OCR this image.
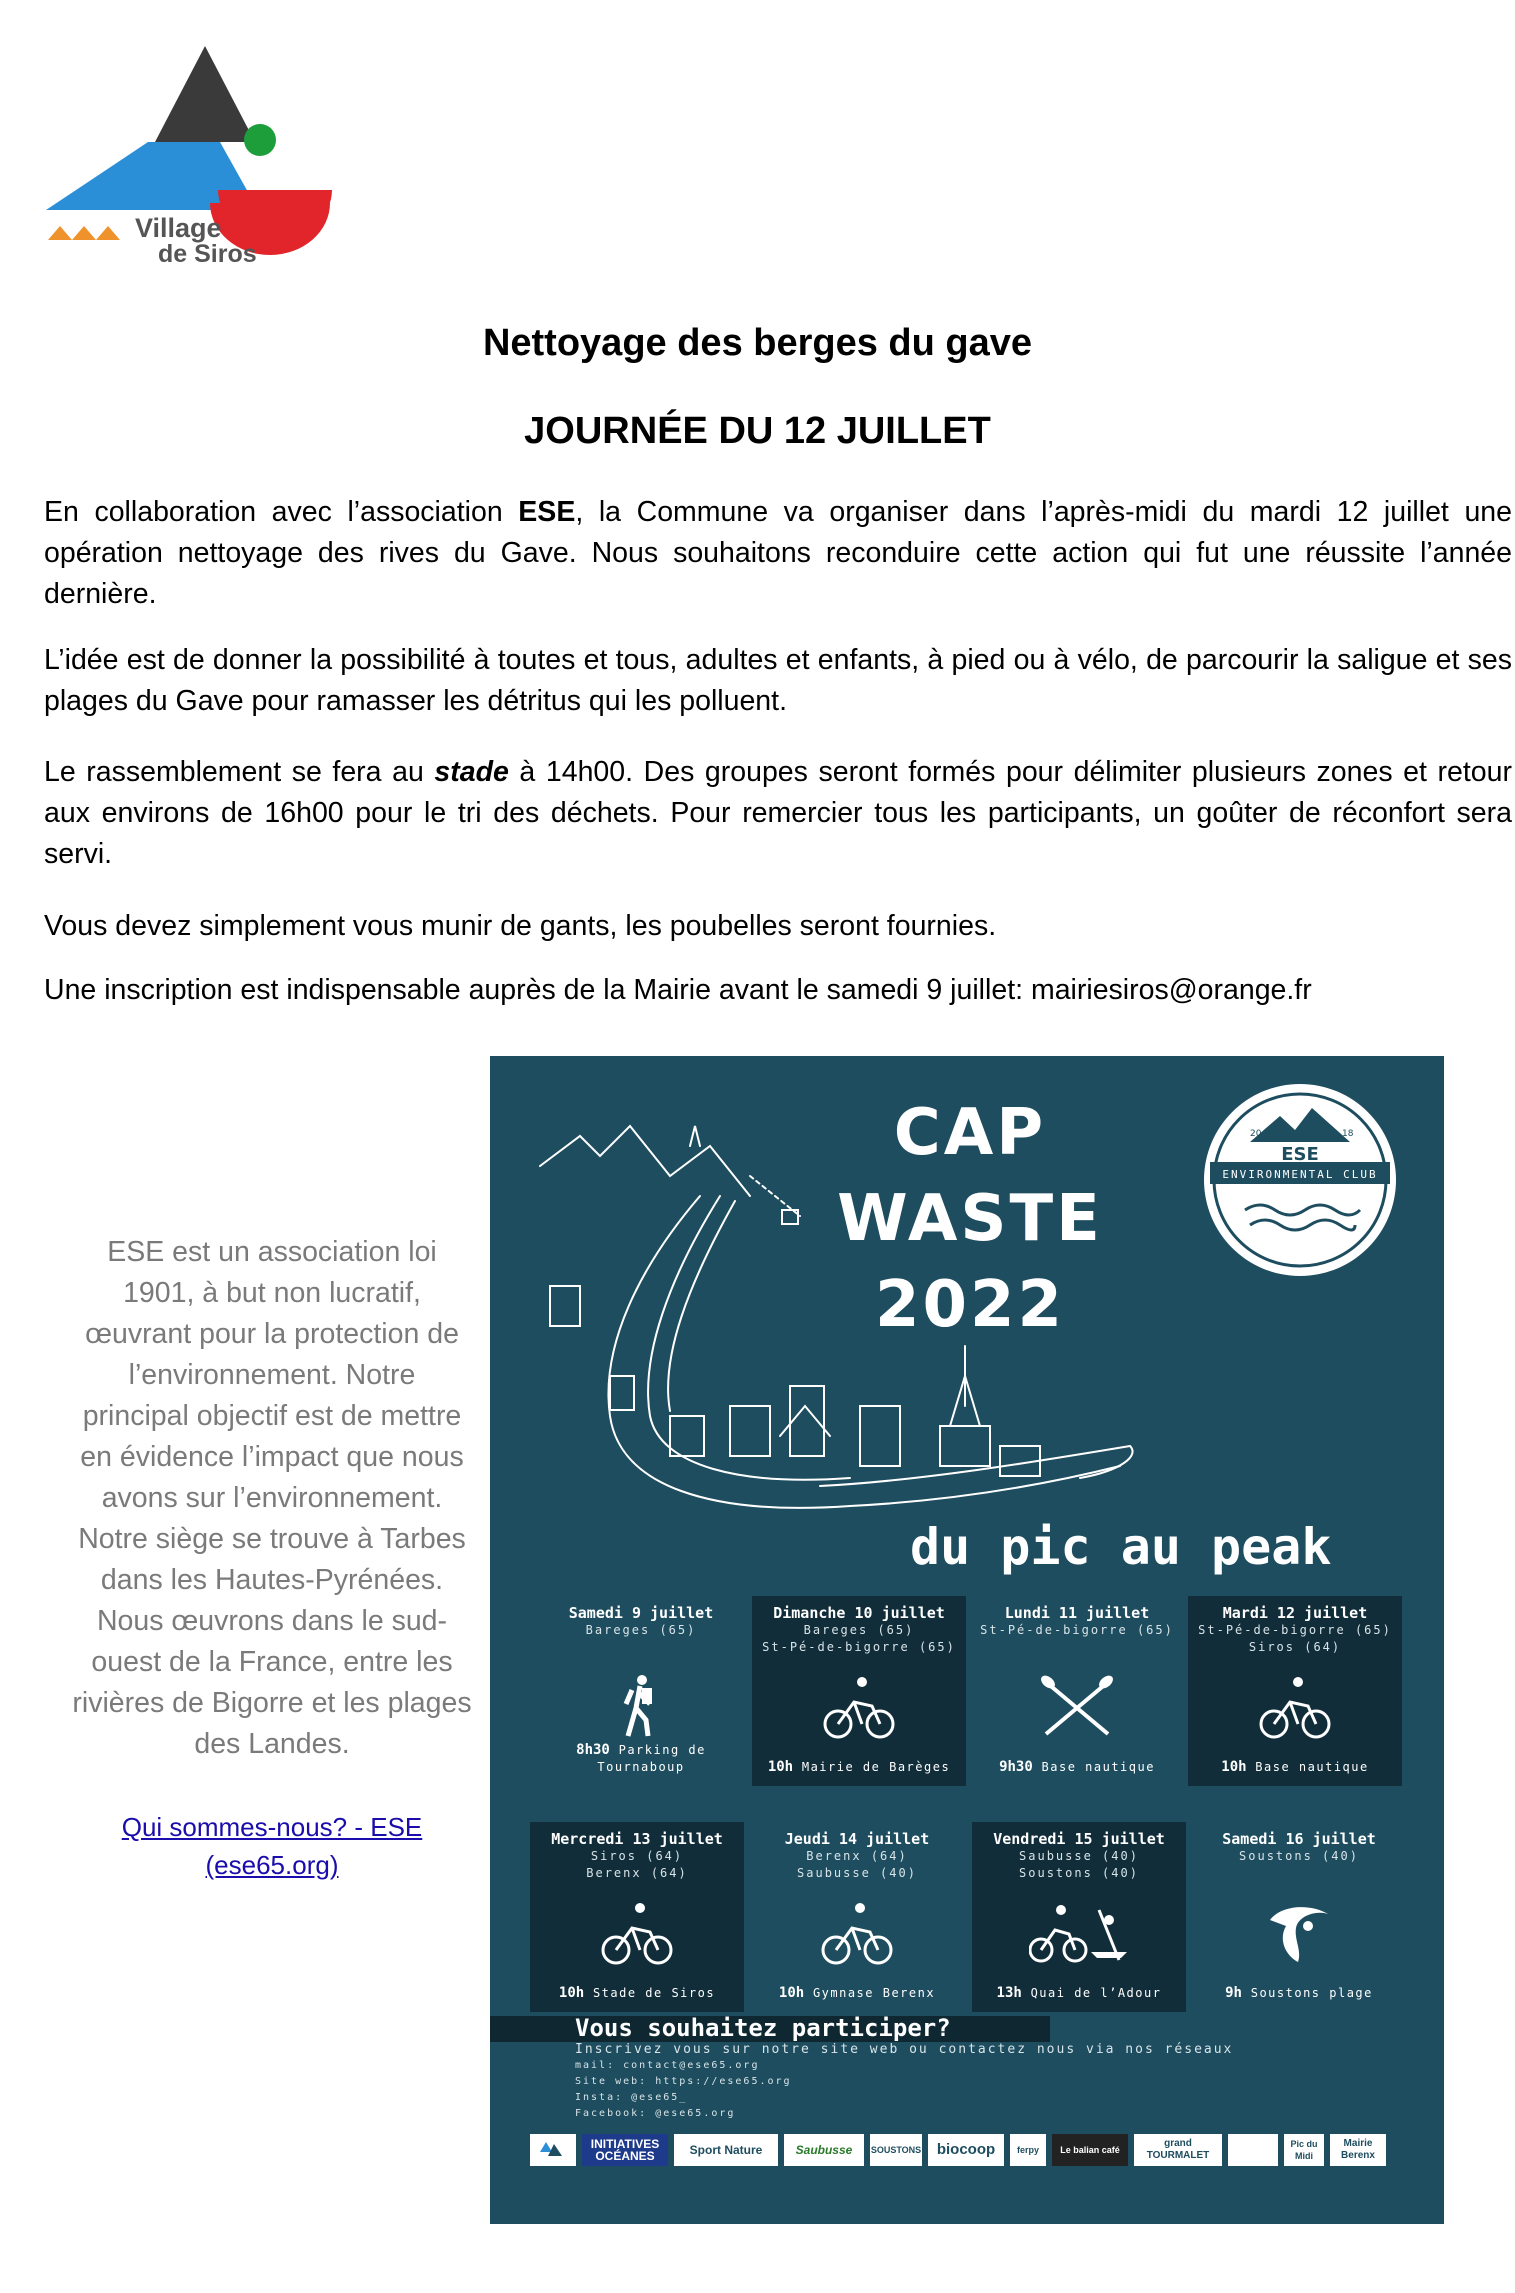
Village
de Siros
Nettoyage des berges du gave
JOURNÉE DU 12 JUILLET
En collaboration avec l’association ESE, la Commune va organiser dans l’après-midi du mardi 12 juillet une opération nettoyage des rives du Gave. Nous souhaitons reconduire cette action qui fut une réussite l’année dernière.
L’idée est de donner la possibilité à toutes et tous, adultes et enfants, à pied ou à vélo, de parcourir la saligue et ses plages du Gave pour ramasser les détritus qui les polluent.
Le rassemblement se fera au stade à 14h00. Des groupes seront formés pour délimiter plusieurs zones et retour aux environs de 16h00 pour le tri des déchets. Pour remercier tous les participants, un goûter de réconfort sera servi.
Vous devez simplement vous munir de gants, les poubelles seront fournies.
Une inscription est indispensable auprès de la Mairie avant le samedi 9 juillet: mairiesiros@orange.fr
ESE est un association loi 1901, à but non lucratif, œuvrant pour la protection de l’environnement. Notre principal objectif est de mettre en évidence l’impact que nous avons sur l’environnement. Notre siège se trouve à Tarbes dans les Hautes-Pyrénées. Nous œuvrons dans le sud-ouest de la France, entre les rivières de Bigorre et les plages des Landes.
Qui sommes-nous? - ESE (ese65.org)
CAP
WASTE
2022
20	18
ESE
ENVIRONMENTAL CLUB
du pic au peak
Samedi 9 juillet
Bareges (65)
8h30 Parking de Tournaboup
Dimanche 10 juillet
Bareges (65)
St-Pé-de-bigorre (65)
10h Mairie de Barèges
Lundi 11 juillet
St-Pé-de-bigorre (65)
9h30 Base nautique
Mardi 12 juillet
St-Pé-de-bigorre (65)
Siros (64)
10h Base nautique
Mercredi 13 juillet
Siros (64)
Berenx (64)
10h Stade de Siros
Jeudi 14 juillet
Berenx (64)
Saubusse (40)
10h Gymnase Berenx
Vendredi 15 juillet
Saubusse (40)
Soustons (40)
13h Quai de l’Adour
Samedi 16 juillet
Soustons (40)
9h Soustons plage
Vous souhaitez participer?
Inscrivez vous sur notre site web ou contactez nous via nos réseaux
mail: contact@ese65.org
Site web: https://ese65.org
Insta: @ese65_
Facebook: @ese65.org
INITIATIVES OCÉANES	Sport Nature	Saubusse	SOUSTONS	biocoop	ferpy	Le balian café
grand TOURMALET
Pic du Midi
Mairie Berenx
